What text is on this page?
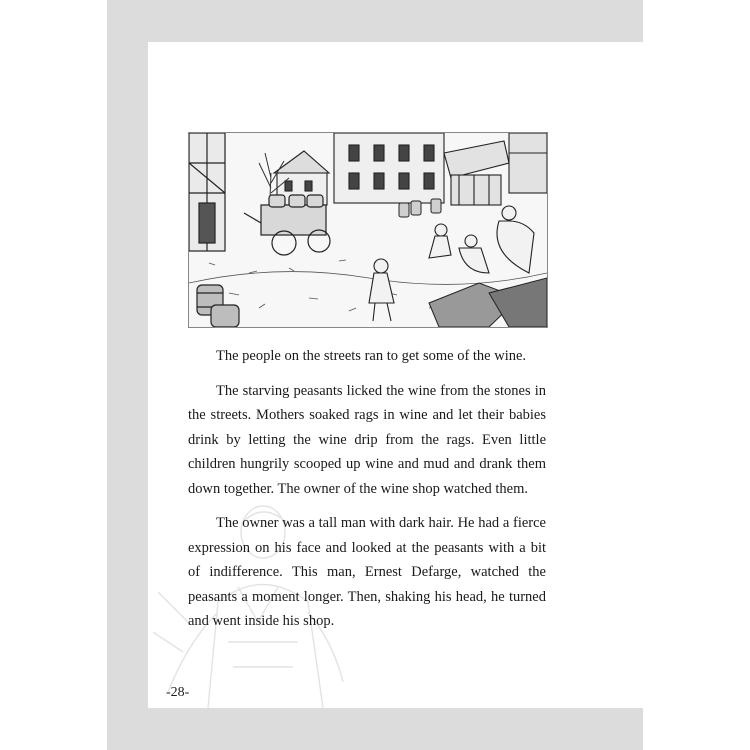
The people on the streets ran to get some of the wine.

The starving peasants licked the wine from the stones in the streets. Mothers soaked rags in wine and let their babies drink by letting the wine drip from the rags. Even little children hungrily scooped up wine and mud and drank them down together. The owner of the wine shop watched them.

The owner was a tall man with dark hair. He had a fierce expression on his face and looked at the peasants with a bit of indifference. This man, Ernest Defarge, watched the peasants a moment longer. Then, shaking his head, he turned and went inside his shop.

-28-
